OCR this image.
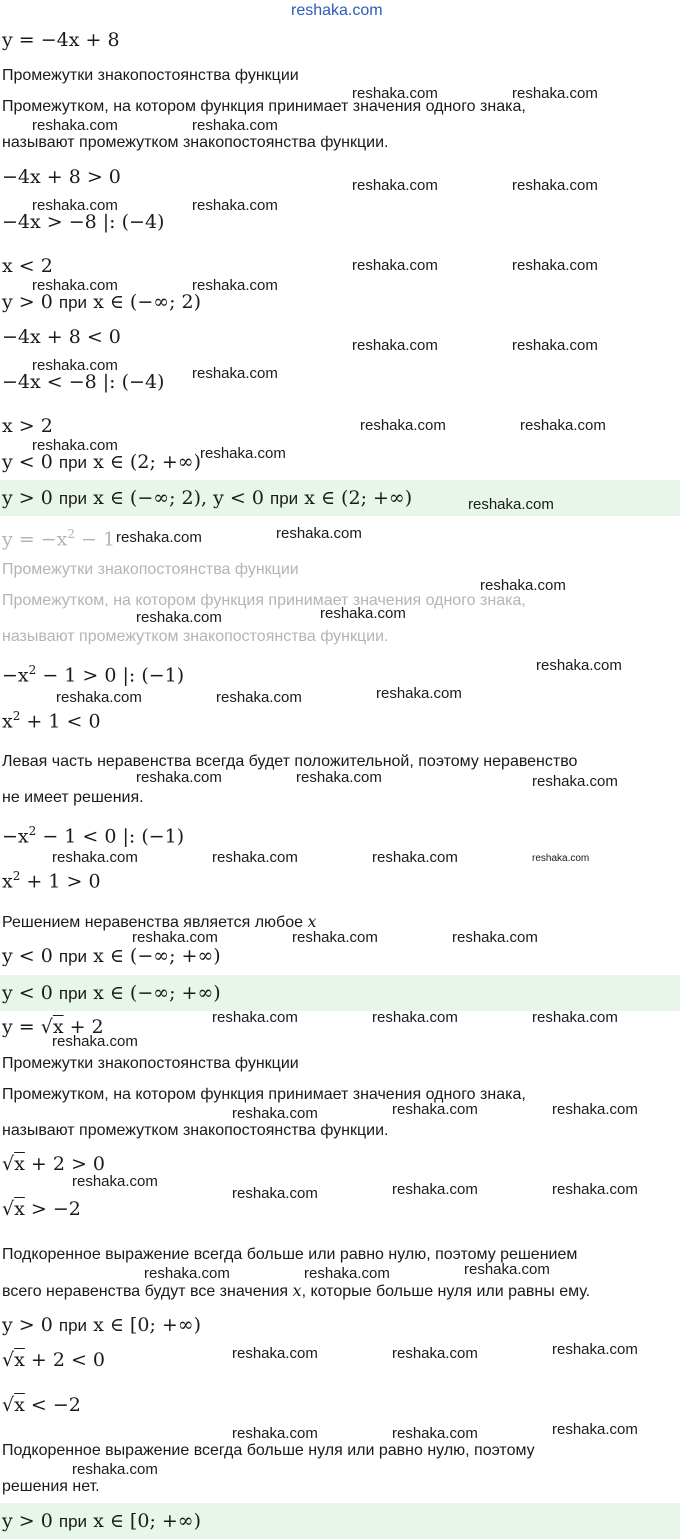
y = −4x + 8
Промежутки знакопостоянства функции
Промежутком, на котором функция принимает значения одного знака,
называют промежутком знакопостоянства функции.
−4x + 8 > 0
−4x > −8 |: (−4)
x < 2
y > 0 при x ∈ (−∞; 2)
−4x + 8 < 0
−4x < −8 |: (−4)
x > 2
y < 0 при x ∈ (2; +∞)
y > 0 при x ∈ (−∞; 2), y < 0 при x ∈ (2; +∞)
$y = -x^2 - 1$
Промежутки знакопостоянства функции
Промежутком, на котором функция принимает значения одного знака,
называют промежутком знакопостоянства функции.
$-x^2 - 1 > 0$ |: (−1)
$x^2 + 1 < 0$
Левая часть неравенства всегда будет положительной, поэтому неравенство
не имеет решения.
$-x^2 - 1 < 0$ |: (−1)
$x^2 + 1 > 0$
Решением неравенства является любое x
y < 0 при x ∈ (−∞; +∞)
y < 0 при x ∈ (−∞; +∞)
y = √x + 2
Промежутки знакопостоянства функции
Промежутком, на котором функция принимает значения одного знака,
называют промежутком знакопостоянства функции.
√x + 2 > 0
√x > −2
Подкоренное выражение всегда больше или равно нулю, поэтому решением
всего неравенства будут все значения x, которые больше нуля или равны ему.
y > 0 при x ∈ [0; +∞)
√x + 2 < 0
√x < −2
Подкоренное выражение всегда больше нуля или равно нулю, поэтому
решения нет.
y > 0 при x ∈ [0; +∞)
reshaka.com
reshaka.com	reshaka.com
reshaka.com	reshaka.com
reshaka.com	reshaka.com
reshaka.com	reshaka.com
reshaka.com	reshaka.com
reshaka.com	reshaka.com
reshaka.com	reshaka.com
reshaka.com	reshaka.com
reshaka.com	reshaka.com
reshaka.com	reshaka.com
reshaka.com
reshaka.com	reshaka.com
reshaka.com
reshaka.com	reshaka.com
reshaka.com
reshaka.com	reshaka.com	reshaka.com
reshaka.com	reshaka.com	reshaka.com
reshaka.com	reshaka.com	reshaka.com	reshaka.com
reshaka.com	reshaka.com	reshaka.com
reshaka.com	reshaka.com	reshaka.com
reshaka.com
reshaka.com	reshaka.com	reshaka.com
reshaka.com
reshaka.com	reshaka.com	reshaka.com
reshaka.com	reshaka.com	reshaka.com
reshaka.com	reshaka.com	reshaka.com
reshaka.com	reshaka.com	reshaka.com
reshaka.com
